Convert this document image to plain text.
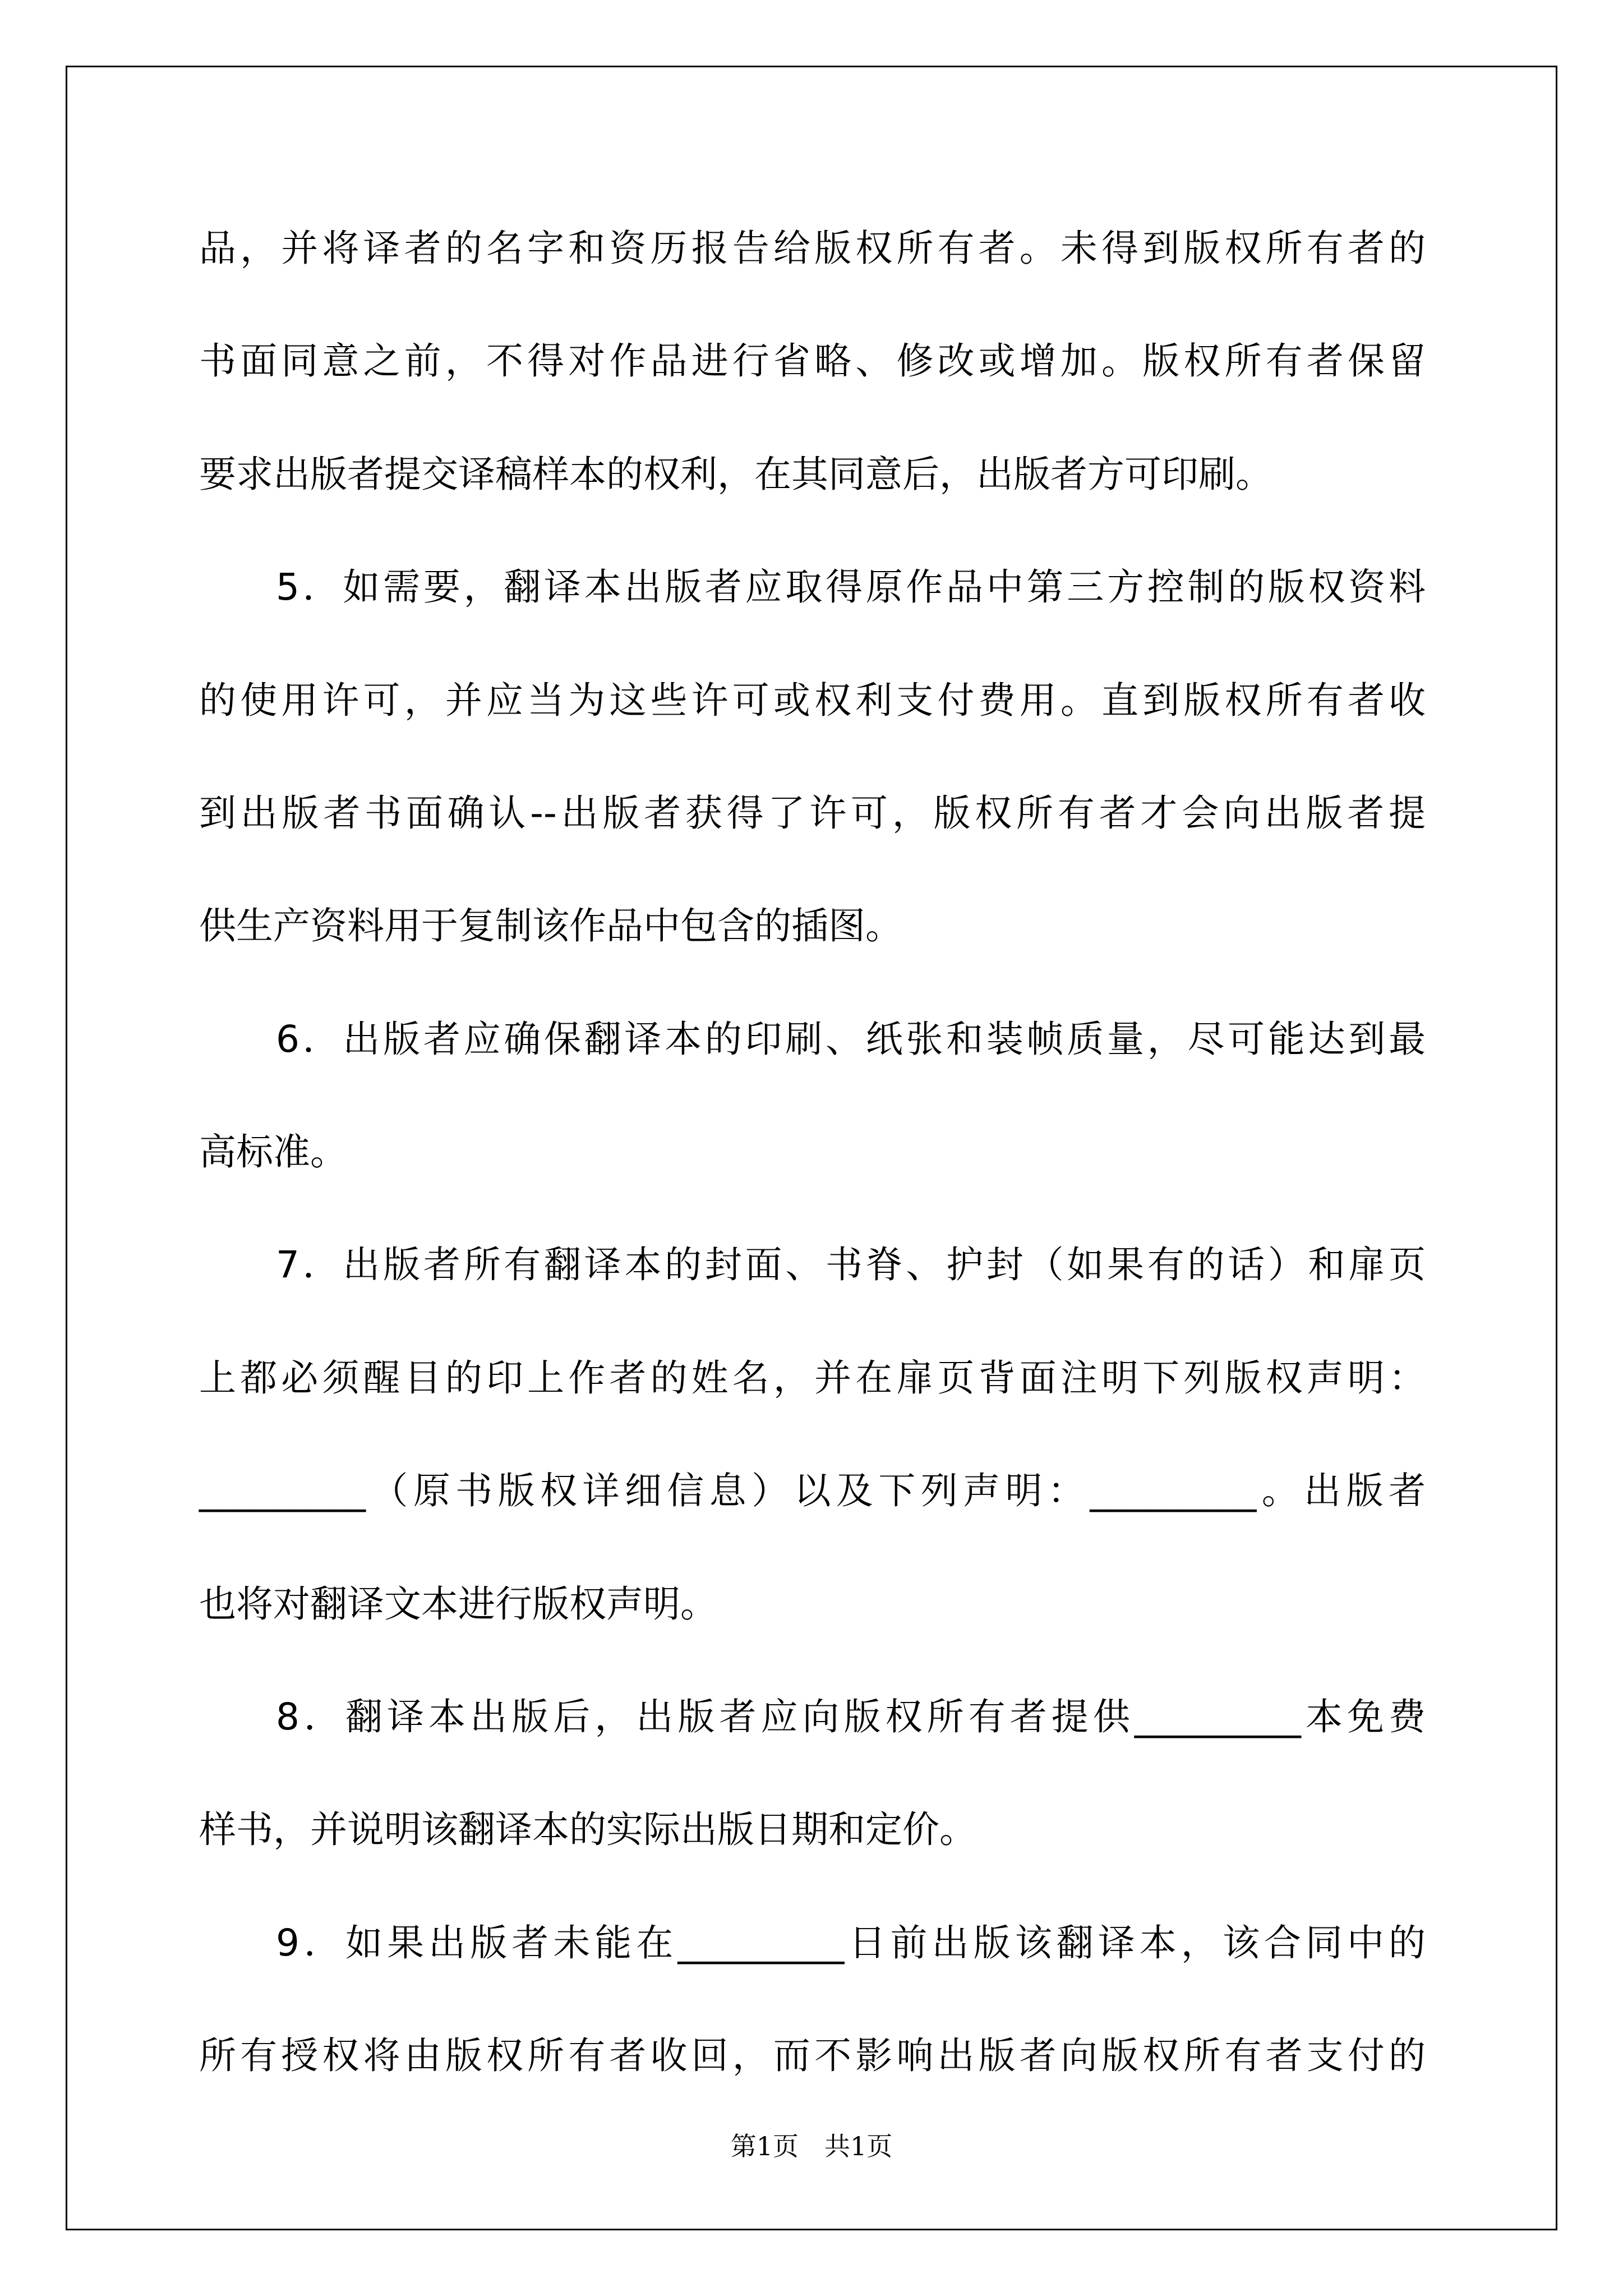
品，并将译者的名字和资历报告给版权所有者。未得到版权所有者的
书面同意之前，不得对作品进行省略、修改或增加。版权所有者保留
要求出版者提交译稿样本的权利，在其同意后，出版者方可印刷。
5．如需要，翻译本出版者应取得原作品中第三方控制的版权资料
的使用许可，并应当为这些许可或权利支付费用。直到版权所有者收
到出版者书面确认--出版者获得了许可，版权所有者才会向出版者提
供生产资料用于复制该作品中包含的插图。
6．出版者应确保翻译本的印刷、纸张和装帧质量，尽可能达到最
高标准。
7．出版者所有翻译本的封面、书脊、护封（如果有的话）和扉页
上都必须醒目的印上作者的姓名，并在扉页背面注明下列版权声明：
_________（原书版权详细信息）以及下列声明：_________。出版者
也将对翻译文本进行版权声明。
8．翻译本出版后，出版者应向版权所有者提供_________本免费
样书，并说明该翻译本的实际出版日期和定价。
9．如果出版者未能在_________日前出版该翻译本，该合同中的
第1页　共1页
所有授权将由版权所有者收回，而不影响出版者向版权所有者支付的
